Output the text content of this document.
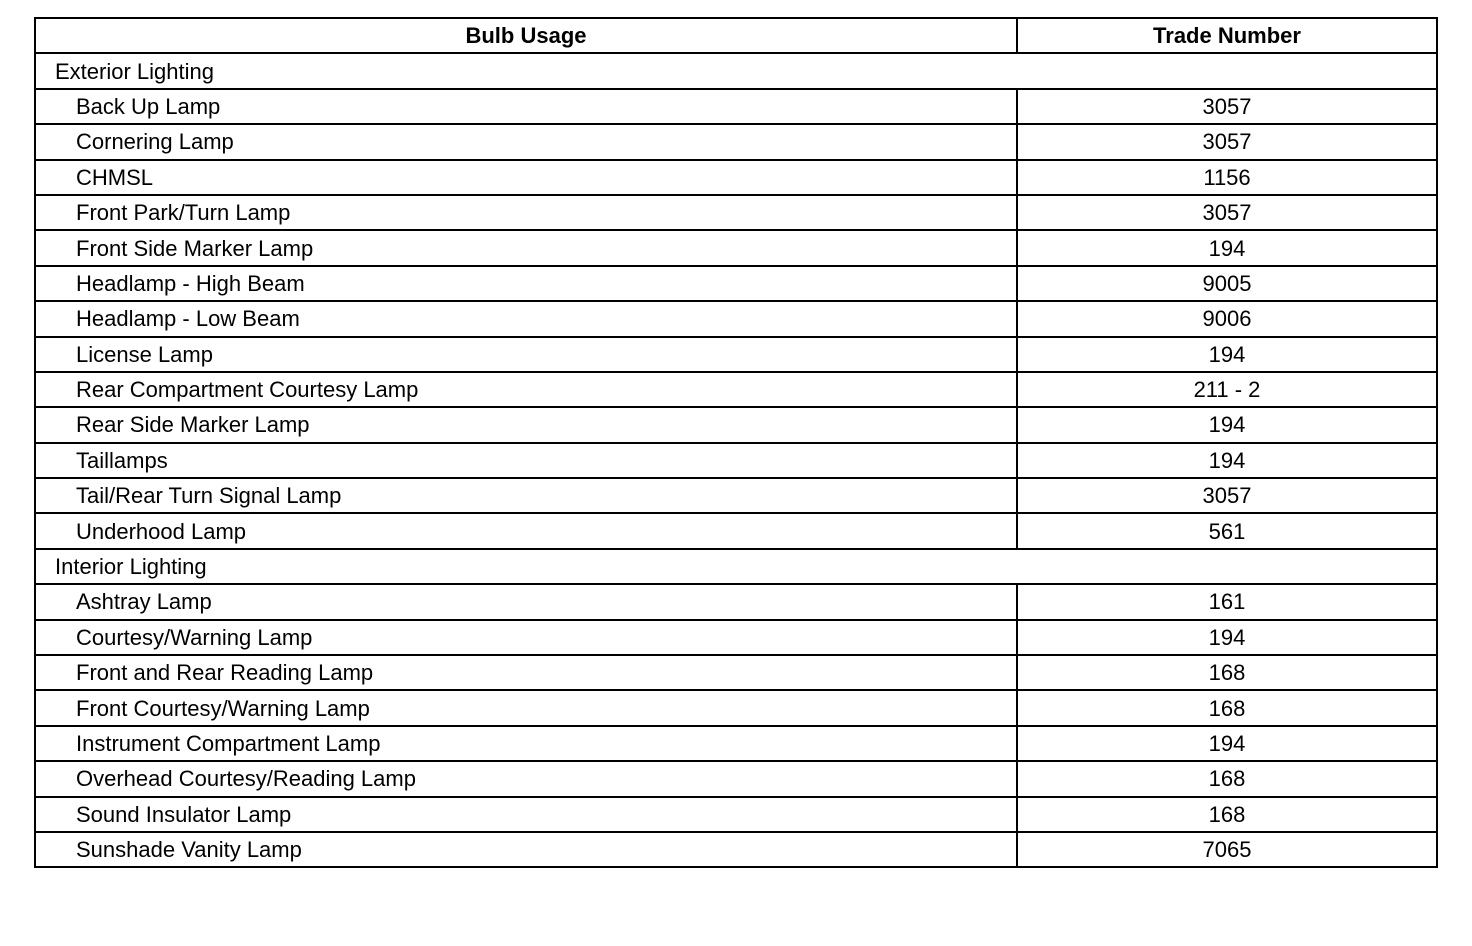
Bulb Usage	Trade Number
Exterior Lighting	
Back Up Lamp	3057
Cornering Lamp	3057
CHMSL	1156
Front Park/Turn Lamp	3057
Front Side Marker Lamp	194
Headlamp - High Beam	9005
Headlamp - Low Beam	9006
License Lamp	194
Rear Compartment Courtesy Lamp	211 - 2
Rear Side Marker Lamp	194
Taillamps	194
Tail/Rear Turn Signal Lamp	3057
Underhood Lamp	561
Interior Lighting	
Ashtray Lamp	161
Courtesy/Warning Lamp	194
Front and Rear Reading Lamp	168
Front Courtesy/Warning Lamp	168
Instrument Compartment Lamp	194
Overhead Courtesy/Reading Lamp	168
Sound Insulator Lamp	168
Sunshade Vanity Lamp	7065
